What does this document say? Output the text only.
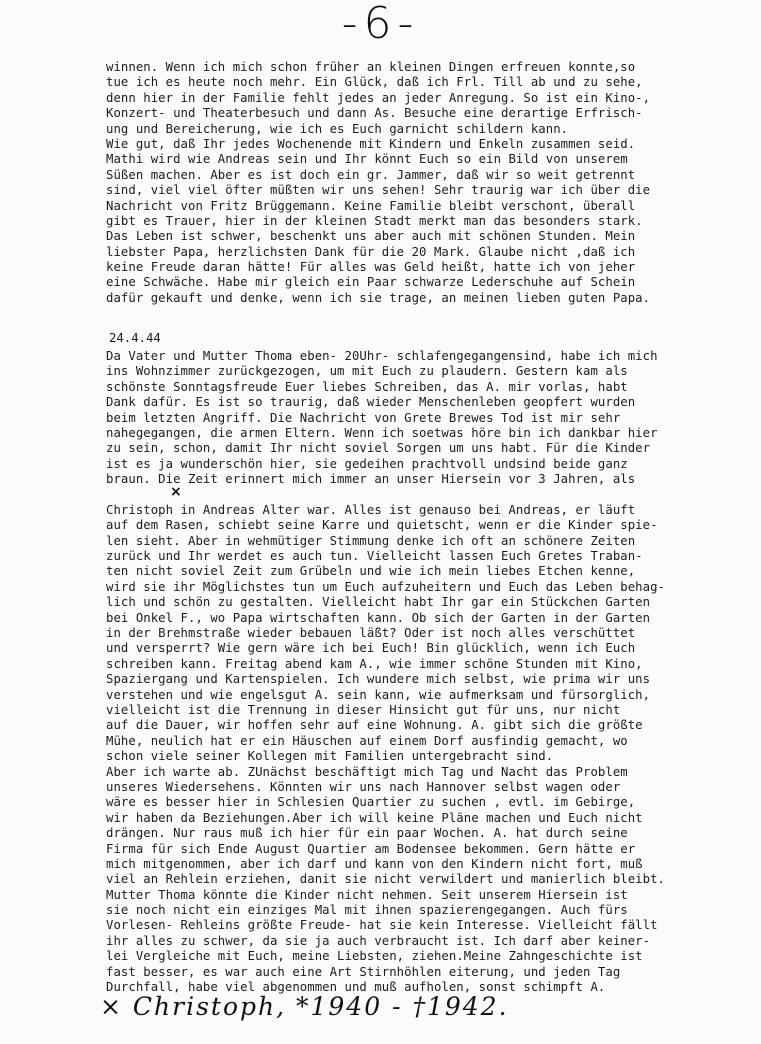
-6-
winnen. Wenn ich mich schon früher an kleinen Dingen erfreuen konnte,so
tue ich es heute noch mehr. Ein Glück, daß ich Frl. Till ab und zu sehe,
denn hier in der Familie fehlt jedes an jeder Anregung. So ist ein Kino-,
Konzert- und Theaterbesuch und dann As. Besuche eine derartige Erfrisch-
ung und Bereicherung, wie ich es Euch garnicht schildern kann.
Wie gut, daß Ihr jedes Wochenende mit Kindern und Enkeln zusammen seid.
Mathi wird wie Andreas sein und Ihr könnt Euch so ein Bild von unserem
Süßen machen. Aber es ist doch ein gr. Jammer, daß wir so weit getrennt
sind, viel viel öfter müßten wir uns sehen! Sehr traurig war ich über die
Nachricht von Fritz Brüggemann. Keine Familie bleibt verschont, überall
gibt es Trauer, hier in der kleinen Stadt merkt man das besonders stark.
Das Leben ist schwer, beschenkt uns aber auch mit schönen Stunden. Mein
liebster Papa, herzlichsten Dank für die 20 Mark. Glaube nicht ,daß ich
keine Freude daran hätte! Für alles was Geld heißt, hatte ich von jeher
eine Schwäche. Habe mir gleich ein Paar schwarze Lederschuhe auf Schein
dafür gekauft und denke, wenn ich sie trage, an meinen lieben guten Papa.
24.4.44
Da Vater und Mutter Thoma eben- 20Uhr- schlafengegangensind, habe ich mich
ins Wohnzimmer zurückgezogen, um mit Euch zu plaudern. Gestern kam als
schönste Sonntagsfreude Euer liebes Schreiben, das A. mir vorlas, habt
Dank dafür. Es ist so traurig, daß wieder Menschenleben geopfert wurden
beim letzten Angriff. Die Nachricht von Grete Brewes Tod ist mir sehr
nahegegangen, die armen Eltern. Wenn ich soetwas höre bin ich dankbar hier
zu sein, schon, damit Ihr nicht soviel Sorgen um uns habt. Für die Kinder
ist es ja wunderschön hier, sie gedeihen prachtvoll undsind beide ganz
braun. Die Zeit erinnert mich immer an unser Hiersein vor 3 Jahren, als
Christoph in Andreas Alter war. Alles ist genauso bei Andreas, er läuft
auf dem Rasen, schiebt seine Karre und quietscht, wenn er die Kinder spie-
len sieht. Aber in wehmütiger Stimmung denke ich oft an schönere Zeiten
zurück und Ihr werdet es auch tun. Vielleicht lassen Euch Gretes Traban-
ten nicht soviel Zeit zum Grübeln und wie ich mein liebes Etchen kenne,
wird sie ihr Möglichstes tun um Euch aufzuheitern und Euch das Leben behag-
lich und schön zu gestalten. Vielleicht habt Ihr gar ein Stückchen Garten
bei Onkel F., wo Papa wirtschaften kann. Ob sich der Garten in der Garten
in der Brehmstraße wieder bebauen läßt? Oder ist noch alles verschüttet
und versperrt? Wie gern wäre ich bei Euch! Bin glücklich, wenn ich Euch
schreiben kann. Freitag abend kam A., wie immer schöne Stunden mit Kino,
Spaziergang und Kartenspielen. Ich wundere mich selbst, wie prima wir uns
verstehen und wie engelsgut A. sein kann, wie aufmerksam und fürsorglich,
vielleicht ist die Trennung in dieser Hinsicht gut für uns, nur nicht
auf die Dauer, wir hoffen sehr auf eine Wohnung. A. gibt sich die größte
Mühe, neulich hat er ein Häuschen auf einem Dorf ausfindig gemacht, wo
schon viele seiner Kollegen mit Familien untergebracht sind.
Aber ich warte ab. ZUnächst beschäftigt mich Tag und Nacht das Problem
unseres Wiedersehens. Könnten wir uns nach Hannover selbst wagen oder
wäre es besser hier in Schlesien Quartier zu suchen , evtl. im Gebirge,
wir haben da Beziehungen.Aber ich will keine Pläne machen und Euch nicht
drängen. Nur raus muß ich hier für ein paar Wochen. A. hat durch seine
Firma für sich Ende August Quartier am Bodensee bekommen. Gern hätte er
mich mitgenommen, aber ich darf und kann von den Kindern nicht fort, muß
viel an Rehlein erziehen, danit sie nicht verwildert und manierlich bleibt.
Mutter Thoma könnte die Kinder nicht nehmen. Seit unserem Hiersein ist
sie noch nicht ein einziges Mal mit ihnen spazierengegangen. Auch fürs
Vorlesen- Rehleins größte Freude- hat sie kein Interesse. Vielleicht fällt
ihr alles zu schwer, da sie ja auch verbraucht ist. Ich darf aber keiner-
lei Vergleiche mit Euch, meine Liebsten, ziehen.Meine Zahngeschichte ist
fast besser, es war auch eine Art Stirnhöhlen eiterung, und jeden Tag
Durchfall, habe viel abgenommen und muß aufholen, sonst schimpft A.
×
× Christoph, *1940 - †1942.
